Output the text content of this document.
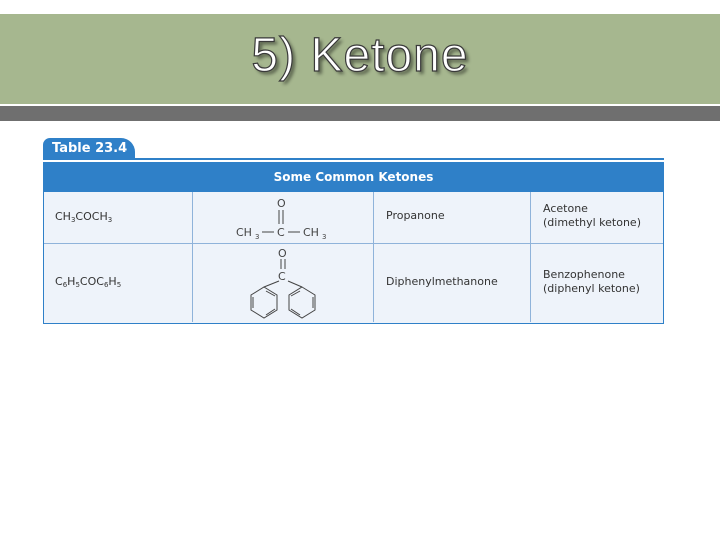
5) Ketone
Table 23.4
Some Common Ketones
$CH_3COCH_3$
O
CH 3 C CH 3
Propanone
Acetone
(dimethyl ketone)
$C_6H_5COC_6H_5$
O
C	Diphenylmethanone
Benzophenone
(diphenyl ketone)
